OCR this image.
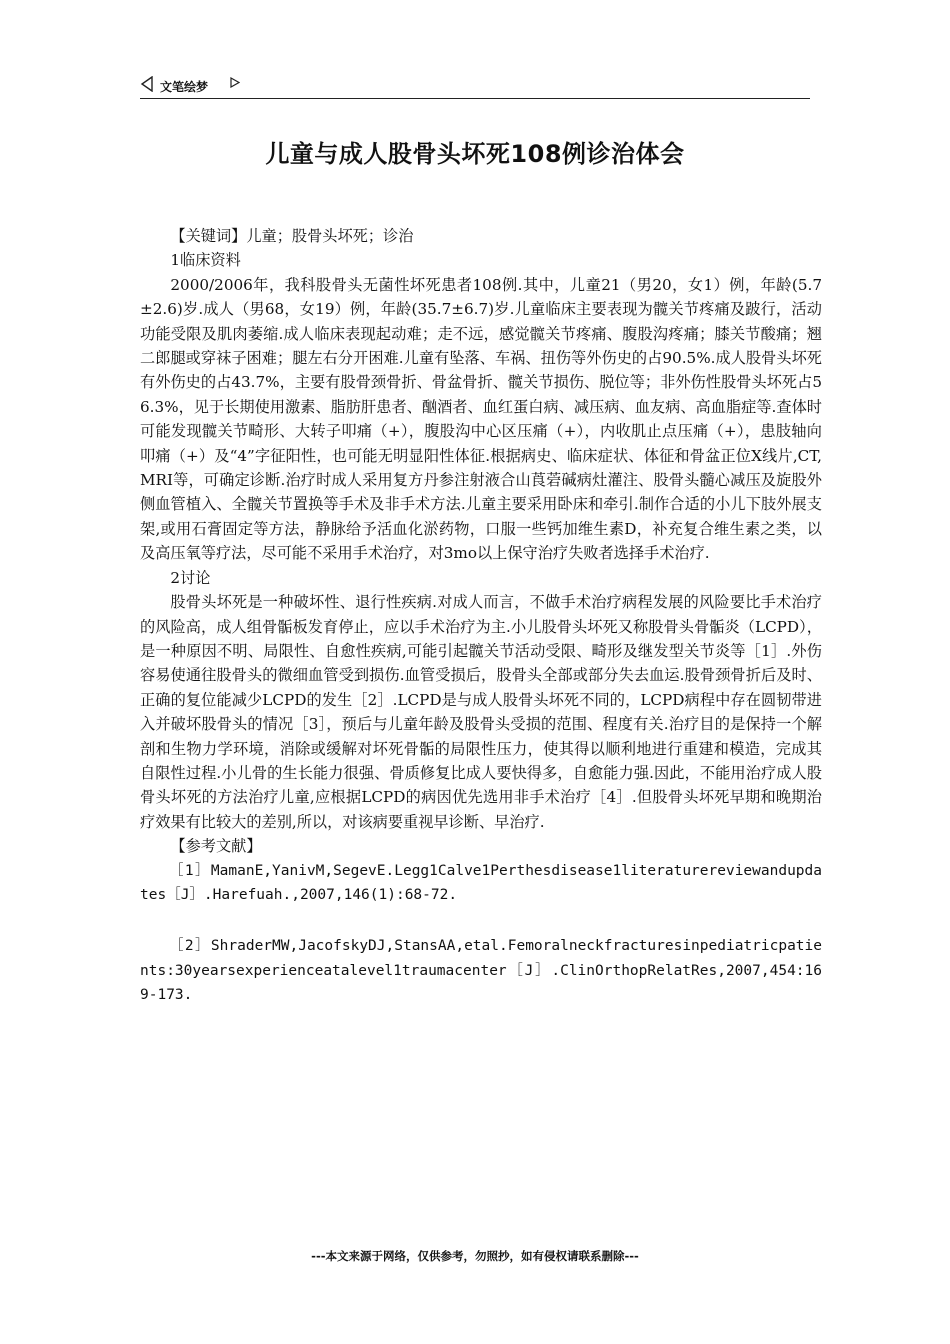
文笔绘梦
儿童与成人股骨头坏死108例诊治体会

【关键词】儿童；股骨头坏死；诊治

1临床资料

2000/2006年，我科股骨头无菌性坏死患者108例.其中，儿童21（男20，女1）例，年龄(5.7±2.6)岁.成人（男68，女19）例，年龄(35.7±6.7)岁.儿童临床主要表现为髋关节疼痛及跛行，活动功能受限及肌肉萎缩.成人临床表现起动难；走不远，感觉髋关节疼痛、腹股沟疼痛；膝关节酸痛；翘二郎腿或穿袜子困难；腿左右分开困难.儿童有坠落、车祸、扭伤等外伤史的占90.5%.成人股骨头坏死有外伤史的占43.7%，主要有股骨颈骨折、骨盆骨折、髋关节损伤、脱位等；非外伤性股骨头坏死占56.3%，见于长期使用激素、脂肪肝患者、酗酒者、血红蛋白病、减压病、血友病、高血脂症等.查体时可能发现髋关节畸形、大转子叩痛（+），腹股沟中心区压痛（+），内收肌止点压痛（+），患肢轴向叩痛（+）及“4”字征阳性，也可能无明显阳性体征.根据病史、临床症状、体征和骨盆正位X线片,CT,MRI等，可确定诊断.治疗时成人采用复方丹参注射液合山莨菪碱病灶灌注、股骨头髓心减压及旋股外侧血管植入、全髋关节置换等手术及非手术方法.儿童主要采用卧床和牵引.制作合适的小儿下肢外展支架,或用石膏固定等方法，静脉给予活血化淤药物，口服一些钙加维生素D，补充复合维生素之类，以及高压氧等疗法，尽可能不采用手术治疗，对3mo以上保守治疗失败者选择手术治疗.

2讨论

股骨头坏死是一种破坏性、退行性疾病.对成人而言，不做手术治疗病程发展的风险要比手术治疗的风险高，成人组骨骺板发育停止，应以手术治疗为主.小儿股骨头坏死又称股骨头骨骺炎（LCPD），是一种原因不明、局限性、自愈性疾病,可能引起髋关节活动受限、畸形及继发型关节炎等［1］.外伤容易使通往股骨头的微细血管受到损伤.血管受损后，股骨头全部或部分失去血运.股骨颈骨折后及时、正确的复位能减少LCPD的发生［2］.LCPD是与成人股骨头坏死不同的，LCPD病程中存在圆韧带进入并破坏股骨头的情况［3］，预后与儿童年龄及股骨头受损的范围、程度有关.治疗目的是保持一个解剖和生物力学环境，消除或缓解对坏死骨骺的局限性压力，使其得以顺利地进行重建和模造，完成其自限性过程.小儿骨的生长能力很强、骨质修复比成人要快得多，自愈能力强.因此，不能用治疗成人股骨头坏死的方法治疗儿童,应根据LCPD的病因优先选用非手术治疗［4］.但股骨头坏死早期和晚期治疗效果有比较大的差别,所以，对该病要重视早诊断、早治疗.

【参考文献】

［1］MamanE,YanivM,SegevE.Legg1Calve1Perthesdisease1literaturereviewandupdates［J］.Harefuah.,2007,146(1):68-72.

［2］ShraderMW,JacofskyDJ,StansAA,etal.Femoralneckfracturesinpediatricpatients:30yearsexperienceatalevel1traumacenter［J］.ClinOrthopRelatRes,2007,454:169-173.

---本文来源于网络，仅供参考，勿照抄，如有侵权请联系删除---
